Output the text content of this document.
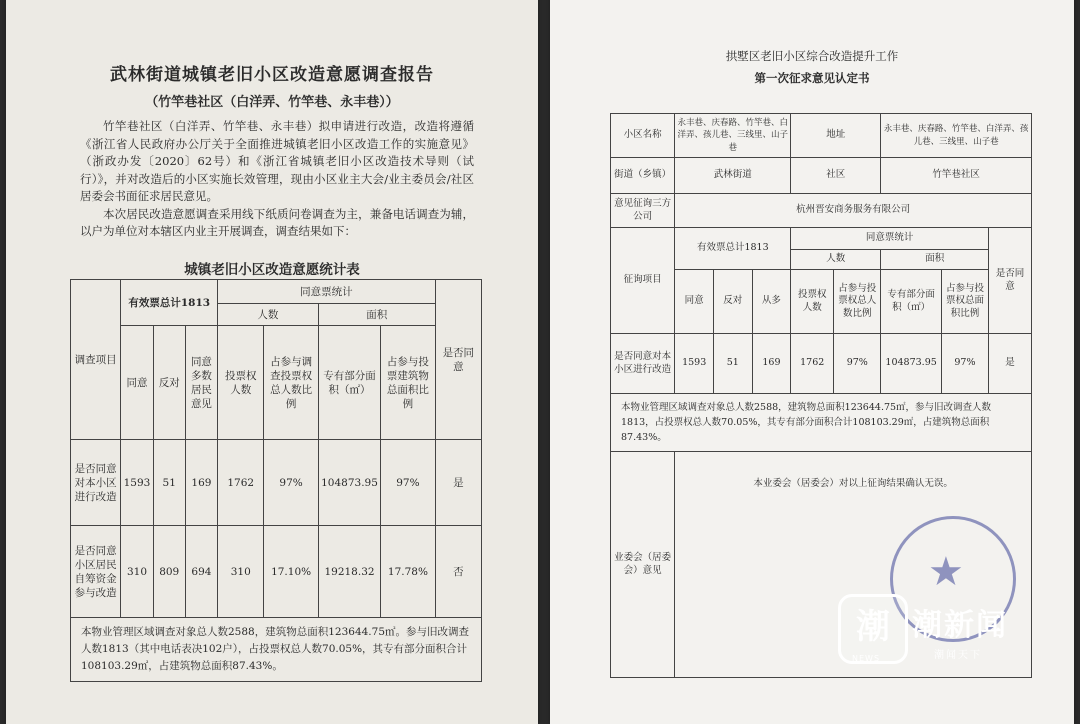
武林街道城镇老旧小区改造意愿调查报告
（竹竿巷社区（白洋弄、竹竿巷、永丰巷））

竹竿巷社区（白洋弄、竹竿巷、永丰巷）拟申请进行改造，改造将遵循《浙江省人民政府办公厅关于全面推进城镇老旧小区改造工作的实施意见》（浙政办发〔2020〕62号）和《浙江省城镇老旧小区改造技术导则（试行）》，并对改造后的小区实施长效管理，现由小区业主大会/业主委员会/社区居委会书面征求居民意见。

本次居民改造意愿调查采用线下纸质问卷调查为主，兼备电话调查为辅，以户为单位对本辖区内业主开展调查，调查结果如下：

城镇老旧小区改造意愿统计表
调查项目	有效票总计1813			同意票统计				是否同意
				人数		面积		
	同意	反对	同意多数居民意见	投票权人数	占参与调查投票权总人数比例	专有部分面积（㎡）	占参与投票建筑物总面积比例	
是否同意对本小区进行改造	1593	51	169	1762	97%	104873.95	97%	是
是否同意小区居民自筹资金参与改造	310	809	694	310	17.10%	19218.32	17.78%	否
本物业管理区域调查对象总人数2588，建筑物总面积123644.75㎡。参与旧改调查人数1813（其中电话表决102户），占投票权总人数70.05%，其专有部分面积合计108103.29㎡，占建筑物总面积87.43%。								
拱墅区老旧小区综合改造提升工作
第一次征求意见认定书
小区名称	永丰巷、庆春路、竹竿巷、白洋弄、孩儿巷、三线里、山子巷			地址		永丰巷、庆春路、竹竿巷、白洋弄、孩儿巷、三线里、山子巷		
街道（乡镇）	武林街道			社区		竹竿巷社区		
意见征询三方公司	杭州晋安商务服务有限公司							
征询项目	有效票总计1813			同意票统计				是否同意
				人数		面积		
	同意	反对	从多	投票权人数	占参与投票权总人数比例	专有部分面积（㎡）	占参与投票权总面积比例	
是否同意对本小区进行改造	1593	51	169	1762	97%	104873.95	97%	是
本物业管理区域调查对象总人数2588，建筑物总面积123644.75㎡，参与旧改调查人数1813，占投票权总人数70.05%，其专有部分面积合计108103.29㎡，占建筑物总面积87.43%。								
业委会（居委会）意见	本业委会（居委会）对以上征询结果确认无误。							
★
潮
NEWS
潮新闻
潮闻天下
